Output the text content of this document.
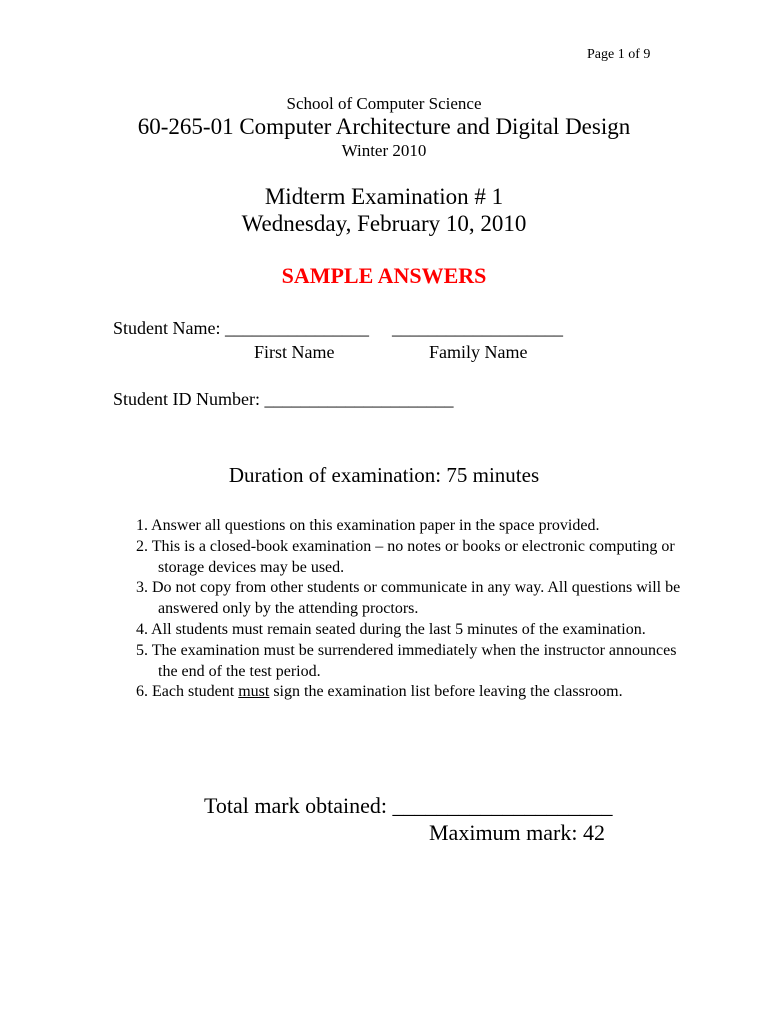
Page 1 of 9
School of Computer Science
60-265-01 Computer Architecture and Digital Design
Winter 2010
Midterm Examination # 1
Wednesday, February 10, 2010
SAMPLE ANSWERS
Student Name: ________________ ___________________
First Name	Family Name
Student ID Number: _____________________
Duration of examination: 75 minutes
1. Answer all questions on this examination paper in the space provided.
2. This is a closed-book examination – no notes or books or electronic computing or storage devices may be used.
3. Do not copy from other students or communicate in any way. All questions will be answered only by the attending proctors.
4. All students must remain seated during the last 5 minutes of the examination.
5. The examination must be surrendered immediately when the instructor announces the end of the test period.
6. Each student must sign the examination list before leaving the classroom.
Total mark obtained: ____________________
Maximum mark: 42
